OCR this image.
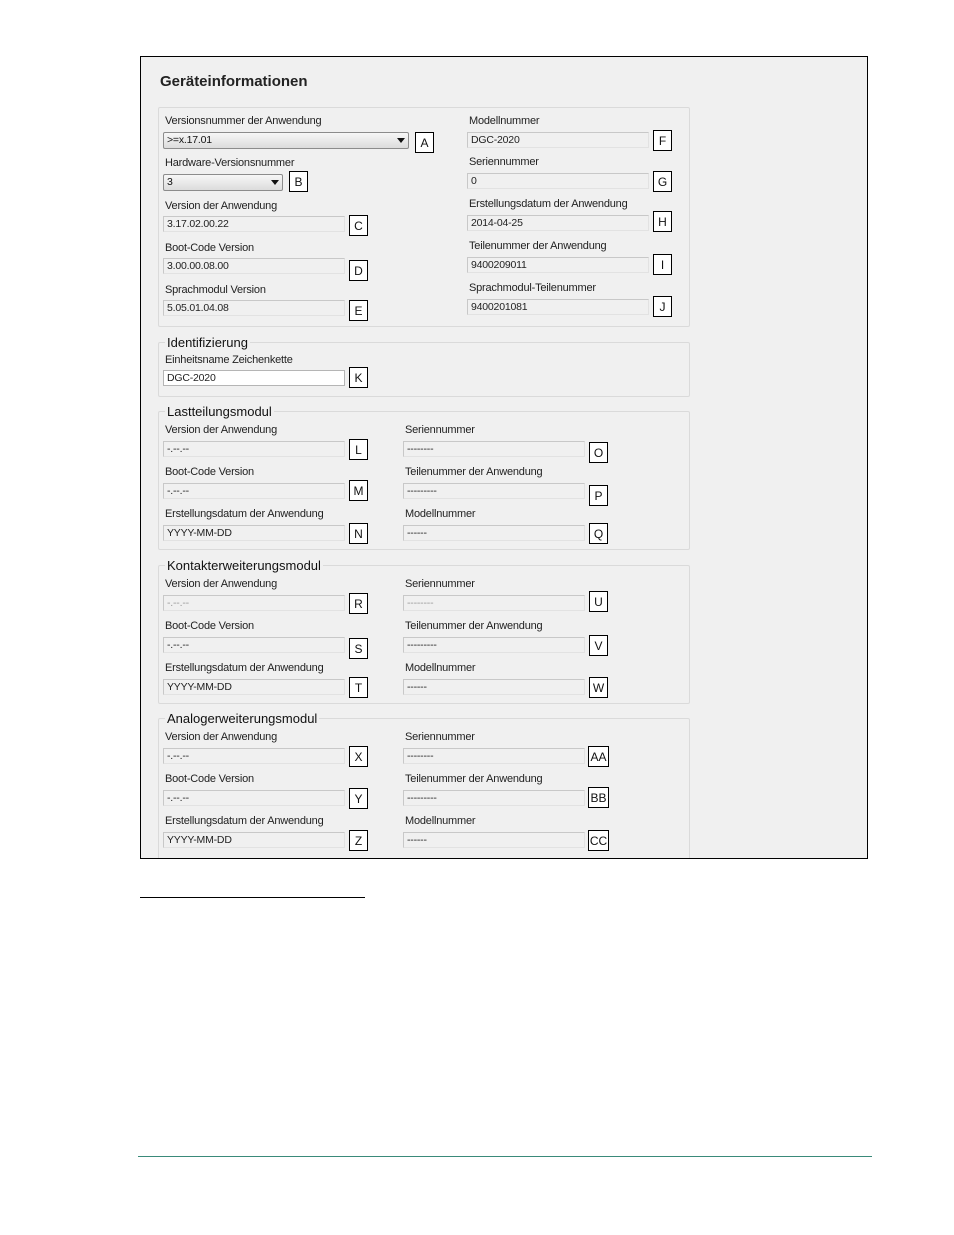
Geräteinformationen
Versionsnummer der Anwendung
>=x.17.01	A
Hardware-Versionsnummer
3	B
Version der Anwendung
3.17.02.00.22	C
Boot-Code Version
3.00.00.08.00	D
Sprachmodul Version
5.05.01.04.08	E
Modellnummer
DGC-2020	F
Seriennummer
0	G
Erstellungsdatum der Anwendung
2014-04-25	H
Teilenummer der Anwendung
9400209011	I
Sprachmodul-Teilenummer
9400201081	J
Identifizierung
Einheitsname Zeichenkette
DGC-2020	K
Lastteilungsmodul
Version der Anwendung
-.--.--	L
Boot-Code Version
-.--.--	M
Erstellungsdatum der Anwendung
YYYY-MM-DD	N
Seriennummer
--------	O
Teilenummer der Anwendung
---------	P
Modellnummer
------	Q
Kontakterweiterungsmodul
Version der Anwendung
-.--.--	R
Boot-Code Version
-.--.--	S
Erstellungsdatum der Anwendung
YYYY-MM-DD	T
Seriennummer
--------	U
Teilenummer der Anwendung
---------	V
Modellnummer
------	W
Analogerweiterungsmodul
Version der Anwendung
-.--.--	X
Boot-Code Version
-.--.--	Y
Erstellungsdatum der Anwendung
YYYY-MM-DD	Z
Seriennummer
--------	AA
Teilenummer der Anwendung
---------	BB
Modellnummer
------	CC
